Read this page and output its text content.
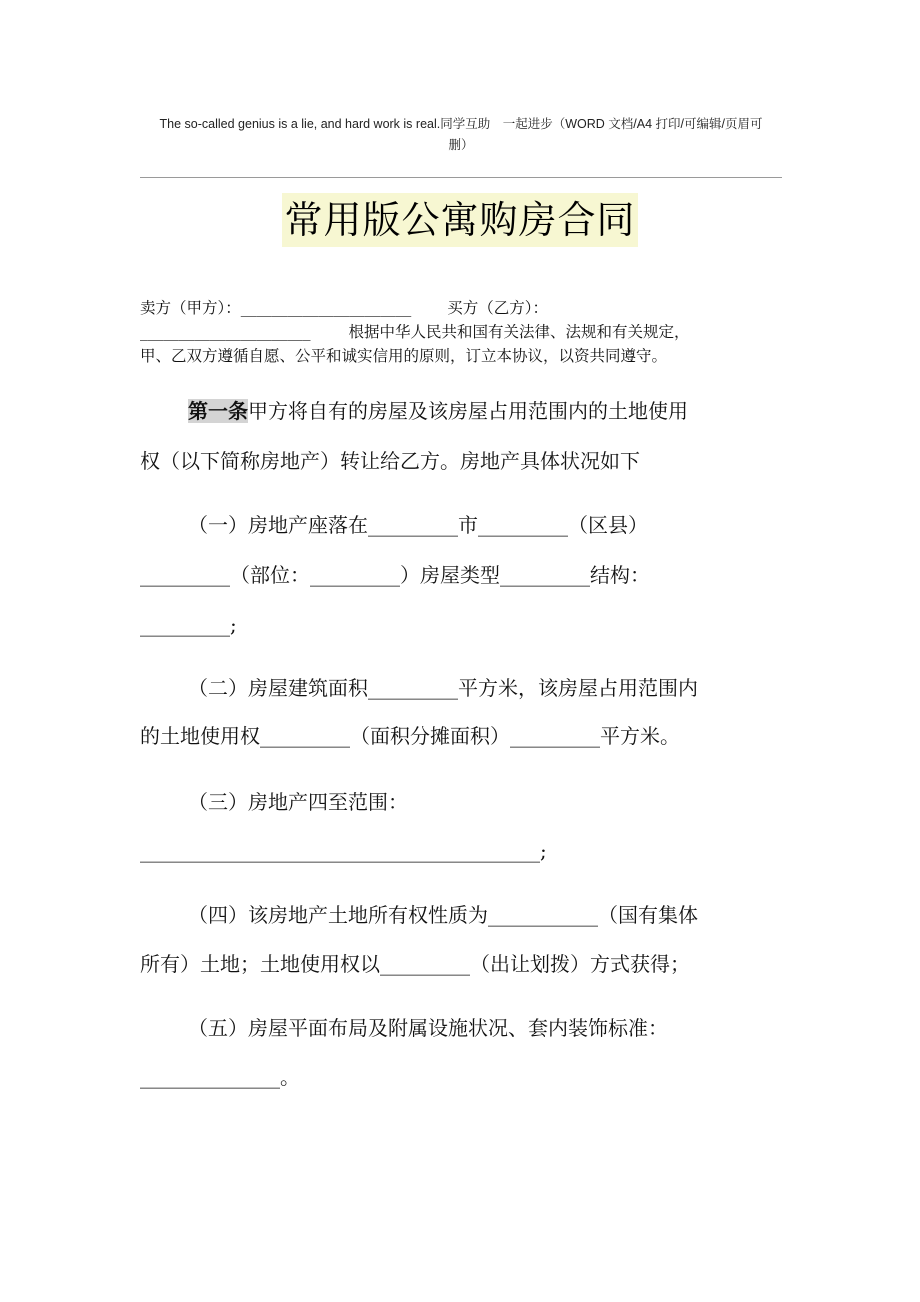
The so-called genius is a lie, and hard work is real.同学互助　一起进步（WORD 文档/A4 打印/可编辑/页眉可
删）
常用版公寓购房合同
卖方（甲方）：______________________ 买方（乙方）：
______________________ 根据中华人民共和国有关法律、法规和有关规定，
甲、乙双方遵循自愿、公平和诚实信用的原则，订立本协议，以资共同遵守。
第一条甲方将自有的房屋及该房屋占用范围内的土地使用
权（以下简称房地产）转让给乙方。房地产具体状况如下
（一）房地产座落在_________市_________（区县）
_________（部位：_________）房屋类型_________结构：
_________;
（二）房屋建筑面积_________平方米，该房屋占用范围内
的土地使用权_________（面积分摊面积）_________平方米。
（三）房地产四至范围：
________________________________________;
（四）该房地产土地所有权性质为___________（国有集体
所有）土地；土地使用权以_________（出让划拨）方式获得；
（五）房屋平面布局及附属设施状况、套内装饰标准：
______________。
